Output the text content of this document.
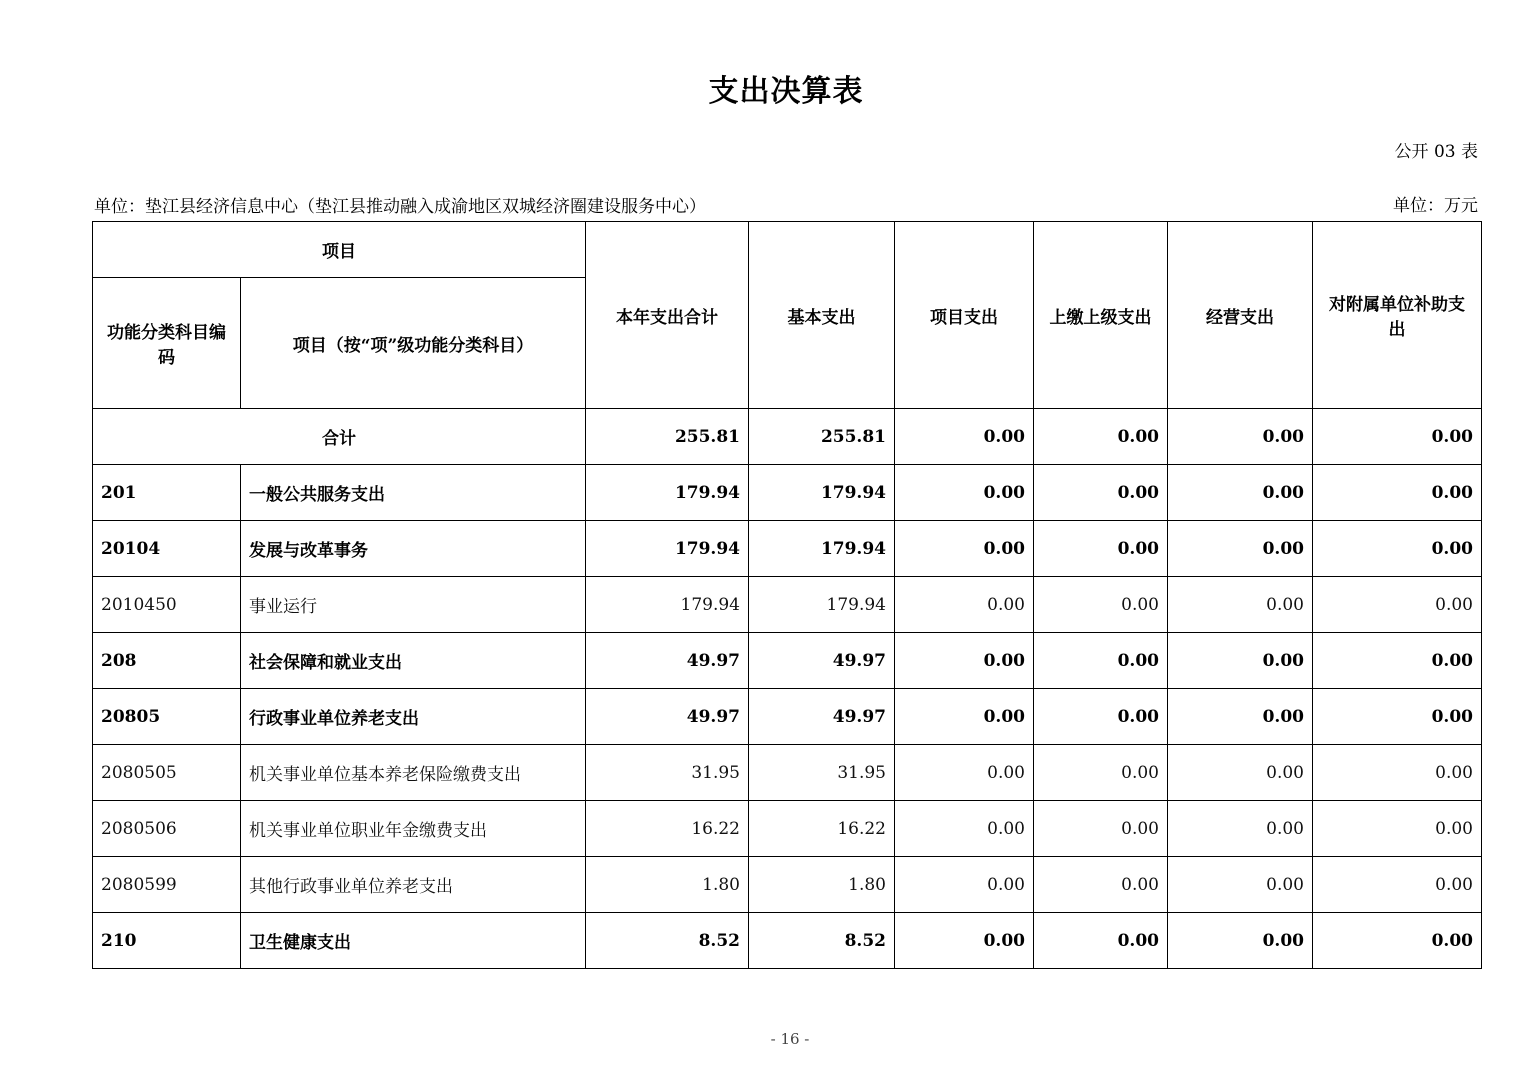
支出决算表
公开 03 表
单位：垫江县经济信息中心（垫江县推动融入成渝地区双城经济圈建设服务中心）	单位：万元
项目		本年支出合计	基本支出	项目支出	上缴上级支出	经营支出	对附属单位补助支出
功能分类科目编码	项目（按“项”级功能分类科目）						
合计		255.81	255.81	0.00	0.00	0.00	0.00
201	一般公共服务支出	179.94	179.94	0.00	0.00	0.00	0.00
20104	发展与改革事务	179.94	179.94	0.00	0.00	0.00	0.00
2010450	事业运行	179.94	179.94	0.00	0.00	0.00	0.00
208	社会保障和就业支出	49.97	49.97	0.00	0.00	0.00	0.00
20805	行政事业单位养老支出	49.97	49.97	0.00	0.00	0.00	0.00
2080505	机关事业单位基本养老保险缴费支出	31.95	31.95	0.00	0.00	0.00	0.00
2080506	机关事业单位职业年金缴费支出	16.22	16.22	0.00	0.00	0.00	0.00
2080599	其他行政事业单位养老支出	1.80	1.80	0.00	0.00	0.00	0.00
210	卫生健康支出	8.52	8.52	0.00	0.00	0.00	0.00
- 16 -
